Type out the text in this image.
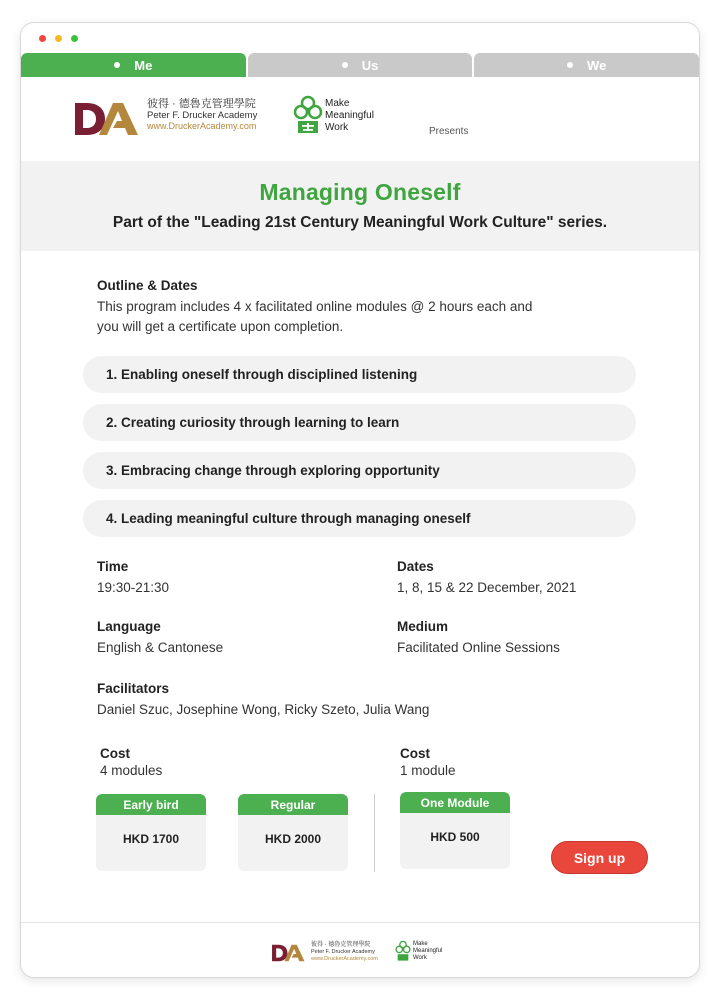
Me	Us	We
彼得 · 德魯克管理學院
Peter F. Drucker Academy
www.DruckerAcademy.com
Make
Meaningful
Work	Presents
Managing Oneself
Part of the "Leading 21st Century Meaningful Work Culture" series.
Outline & Dates
This program includes 4 x facilitated online modules @ 2 hours each and
you will get a certificate upon completion.
1. Enabling oneself through disciplined listening
2. Creating curiosity through learning to learn
3. Embracing change through exploring opportunity
4. Leading meaningful culture through managing oneself
Time
19:30-21:30
Dates
1, 8, 15 & 22 December, 2021
Language
English & Cantonese
Medium
Facilitated Online Sessions
Facilitators
Daniel Szuc, Josephine Wong, Ricky Szeto, Julia Wang
Cost
4 modules
Cost
1 module
Early bird
HKD 1700
Regular
HKD 2000
One Module
HKD 500
Sign up
彼得 · 德魯克管理學院
Peter F. Drucker Academy
www.DruckerAcademy.com
Make
Meaningful
Work
